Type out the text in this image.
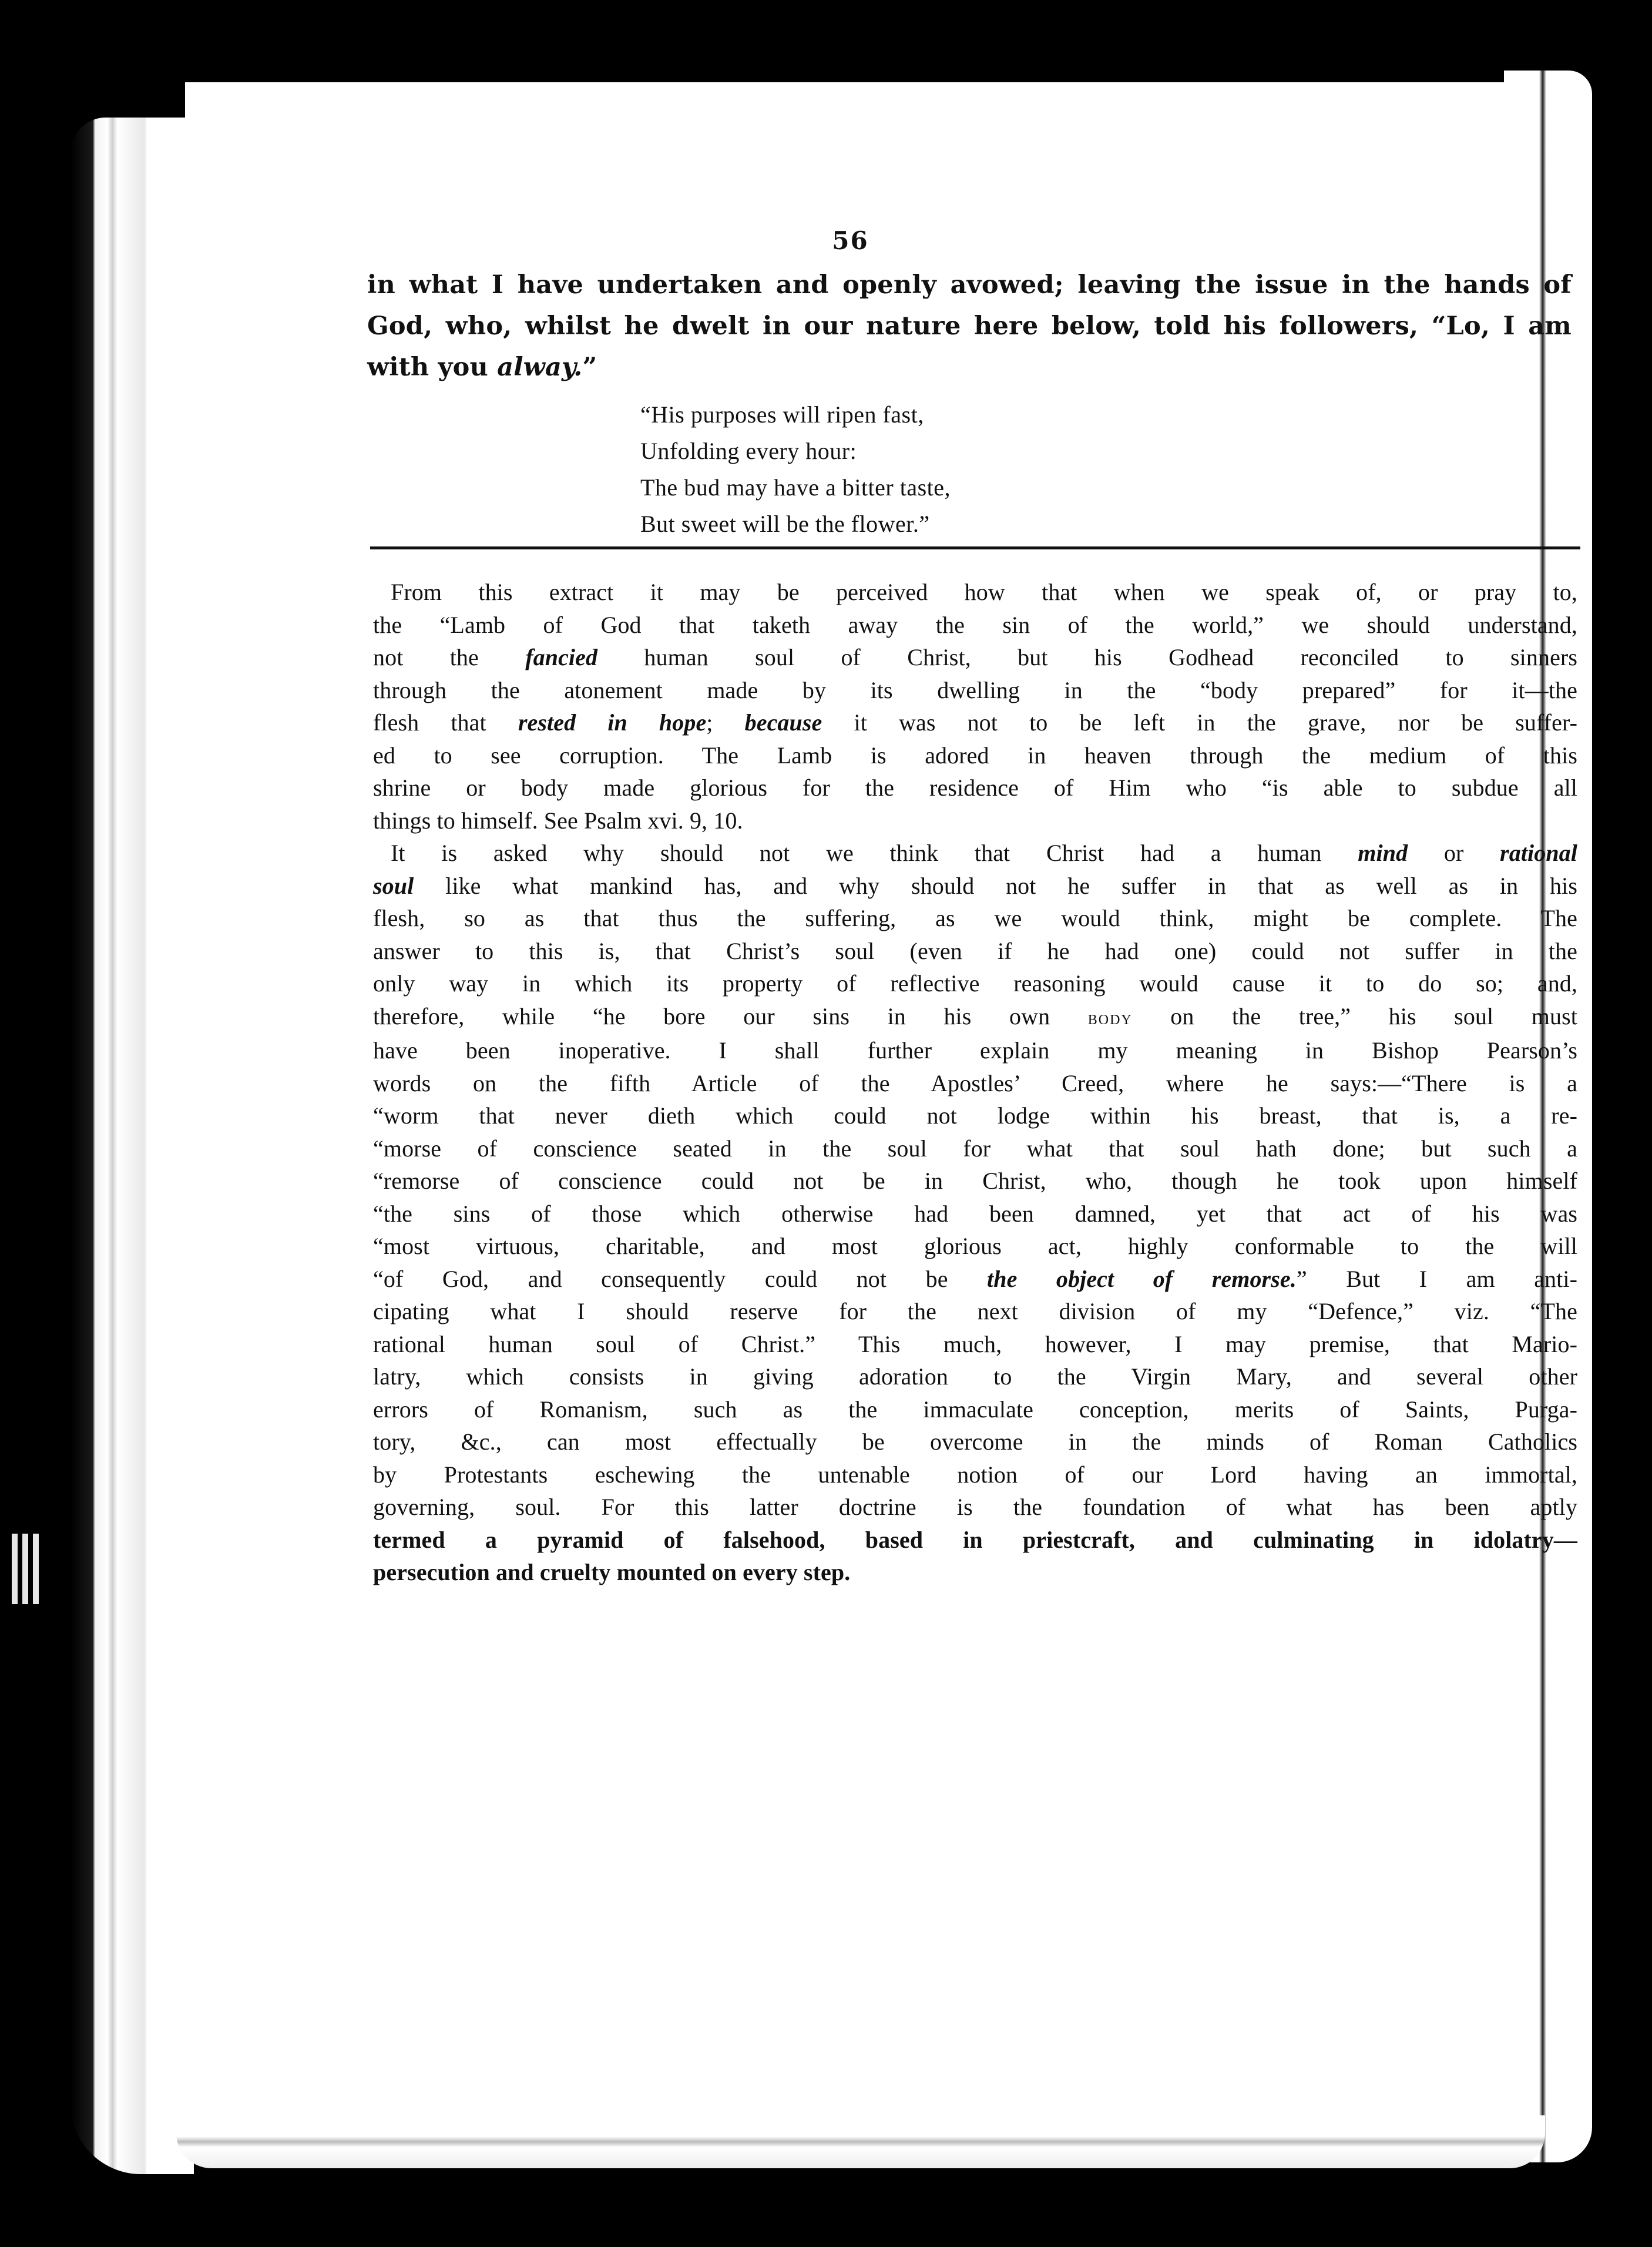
56
in what I have undertaken and openly avowed; leaving the issue in the hands of
God, who, whilst he dwelt in our nature here below, told his followers, “Lo, I am
with you alway.”
“His purposes will ripen fast,
Unfolding every hour:
The bud may have a bitter taste,
But sweet will be the flower.”
From this extract it may be perceived how that when we speak of, or pray to,
the “Lamb of God that taketh away the sin of the world,” we should understand,
not the fancied human soul of Christ, but his Godhead reconciled to sinners
through the atonement made by its dwelling in the “body prepared” for it—the
flesh that rested in hope; because it was not to be left in the grave, nor be suffer-
ed to see corruption. The Lamb is adored in heaven through the medium of this
shrine or body made glorious for the residence of Him who “is able to subdue all
things to himself. See Psalm xvi. 9, 10.
It is asked why should not we think that Christ had a human mind or rational
soul like what mankind has, and why should not he suffer in that as well as in his
flesh, so as that thus the suffering, as we would think, might be complete. The
answer to this is, that Christ’s soul (even if he had one) could not suffer in the
only way in which its property of reflective reasoning would cause it to do so; and,
therefore, while “he bore our sins in his own body on the tree,” his soul must
have been inoperative. I shall further explain my meaning in Bishop Pearson’s
words on the fifth Article of the Apostles’ Creed, where he says:—“There is a
“worm that never dieth which could not lodge within his breast, that is, a re-
“morse of conscience seated in the soul for what that soul hath done; but such a
“remorse of conscience could not be in Christ, who, though he took upon himself
“the sins of those which otherwise had been damned, yet that act of his was
“most virtuous, charitable, and most glorious act, highly conformable to the will
“of God, and consequently could not be the object of remorse.” But I am anti-
cipating what I should reserve for the next division of my “Defence,” viz. “The
rational human soul of Christ.” This much, however, I may premise, that Mario-
latry, which consists in giving adoration to the Virgin Mary, and several other
errors of Romanism, such as the immaculate conception, merits of Saints, Purga-
tory, &c., can most effectually be overcome in the minds of Roman Catholics
by Protestants eschewing the untenable notion of our Lord having an immortal,
governing, soul. For this latter doctrine is the foundation of what has been aptly
termed a pyramid of falsehood, based in priestcraft, and culminating in idolatry—
persecution and cruelty mounted on every step.
